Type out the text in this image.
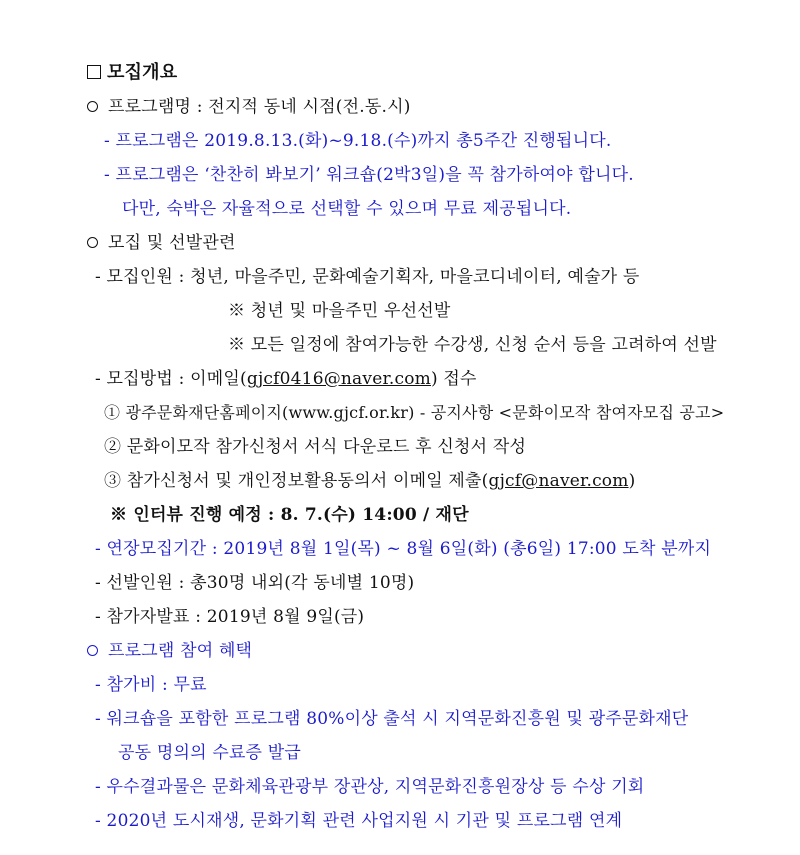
모집개요
프로그램명 : 전지적 동네 시점(전.동.시)
- 프로그램은 2019.8.13.(화)~9.18.(수)까지 총5주간 진행됩니다.
- 프로그램은 ‘찬찬히 봐보기’ 워크숍(2박3일)을 꼭 참가하여야 합니다.
다만, 숙박은 자율적으로 선택할 수 있으며 무료 제공됩니다.
모집 및 선발관련
- 모집인원 : 청년, 마을주민, 문화예술기획자, 마을코디네이터, 예술가 등
※ 청년 및 마을주민 우선선발
※ 모든 일정에 참여가능한 수강생, 신청 순서 등을 고려하여 선발
- 모집방법 : 이메일(gjcf0416@naver.com) 접수
① 광주문화재단홈페이지(www.gjcf.or.kr) - 공지사항 <문화이모작 참여자모집 공고>
② 문화이모작 참가신청서 서식 다운로드 후 신청서 작성
③ 참가신청서 및 개인정보활용동의서 이메일 제출(gjcf@naver.com)
※ 인터뷰 진행 예정 : 8. 7.(수) 14:00 / 재단
- 연장모집기간 : 2019년 8월 1일(목) ~ 8월 6일(화) (총6일) 17:00 도착 분까지
- 선발인원 : 총30명 내외(각 동네별 10명)
- 참가자발표 : 2019년 8월 9일(금)
프로그램 참여 혜택
- 참가비 : 무료
- 워크숍을 포함한 프로그램 80%이상 출석 시 지역문화진흥원 및 광주문화재단
공동 명의의 수료증 발급
- 우수결과물은 문화체육관광부 장관상, 지역문화진흥원장상 등 수상 기회
- 2020년 도시재생, 문화기획 관련 사업지원 시 기관 및 프로그램 연계
